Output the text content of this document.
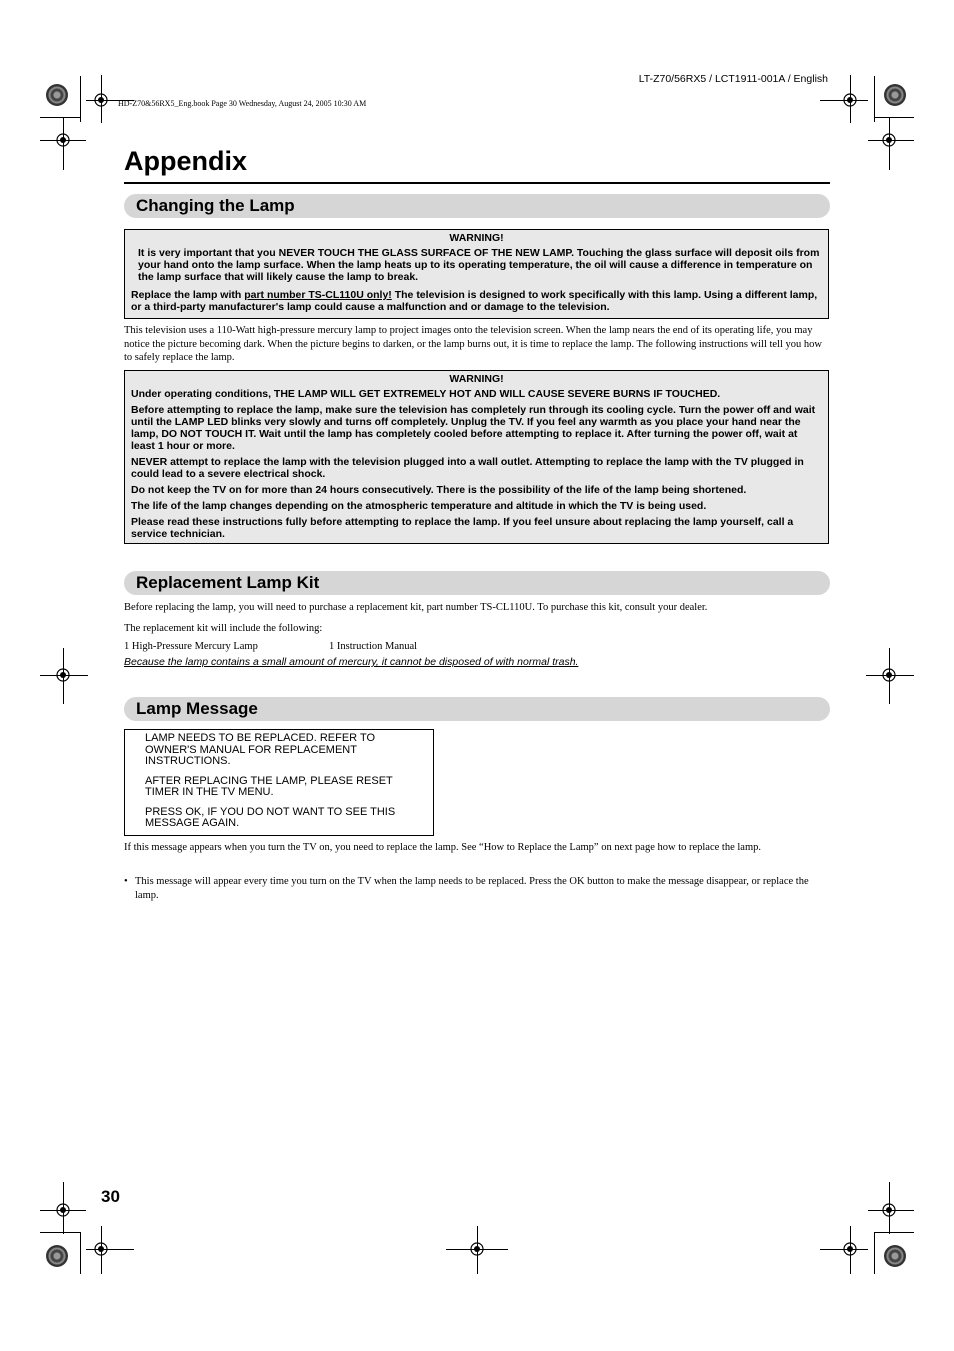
LT-Z70/56RX5 / LCT1911-001A / English
HD-Z70&56RX5_Eng.book Page 30 Wednesday, August 24, 2005 10:30 AM
Appendix
Changing the Lamp
WARNING!

It is very important that you NEVER TOUCH THE GLASS SURFACE OF THE NEW LAMP. Touching the glass surface will deposit oils from your hand onto the lamp surface. When the lamp heats up to its operating temperature, the oil will cause a difference in temperature on the lamp surface that will likely cause the lamp to break.

Replace the lamp with part number TS-CL110U only! The television is designed to work specifically with this lamp. Using a different lamp, or a third-party manufacturer's lamp could cause a malfunction and or damage to the television.

This television uses a 110-Watt high-pressure mercury lamp to project images onto the television screen. When the lamp nears the end of its operating life, you may notice the picture becoming dark. When the picture begins to darken, or the lamp burns out, it is time to replace the lamp. The following instructions will tell you how to safely replace the lamp.
WARNING!

Under operating conditions, THE LAMP WILL GET EXTREMELY HOT AND WILL CAUSE SEVERE BURNS IF TOUCHED.

Before attempting to replace the lamp, make sure the television has completely run through its cooling cycle. Turn the power off and wait until the LAMP LED blinks very slowly and turns off completely. Unplug the TV. If you feel any warmth as you place your hand near the lamp, DO NOT TOUCH IT. Wait until the lamp has completely cooled before attempting to replace it. After turning the power off, wait at least 1 hour or more.

NEVER attempt to replace the lamp with the television plugged into a wall outlet. Attempting to replace the lamp with the TV plugged in could lead to a severe electrical shock.

Do not keep the TV on for more than 24 hours consecutively. There is the possibility of the life of the lamp being shortened.

The life of the lamp changes depending on the atmospheric temperature and altitude in which the TV is being used.

Please read these instructions fully before attempting to replace the lamp. If you feel unsure about replacing the lamp yourself, call a service technician.

Replacement Lamp Kit
Before replacing the lamp, you will need to purchase a replacement kit, part number TS-CL110U. To purchase this kit, consult your dealer.
The replacement kit will include the following:
1 High-Pressure Mercury Lamp	1 Instruction Manual
Because the lamp contains a small amount of mercury, it cannot be disposed of with normal trash.
Lamp Message

LAMP NEEDS TO BE REPLACED. REFER TO OWNER'S MANUAL FOR REPLACEMENT INSTRUCTIONS.

AFTER REPLACING THE LAMP, PLEASE RESET TIMER IN THE TV MENU.

PRESS OK, IF YOU DO NOT WANT TO SEE THIS MESSAGE AGAIN.

If this message appears when you turn the TV on, you need to replace the lamp. See “How to Replace the Lamp” on next page how to replace the lamp.
• This message will appear every time you turn on the TV when the lamp needs to be replaced. Press the OK button to make the message disappear, or replace the lamp.
30
